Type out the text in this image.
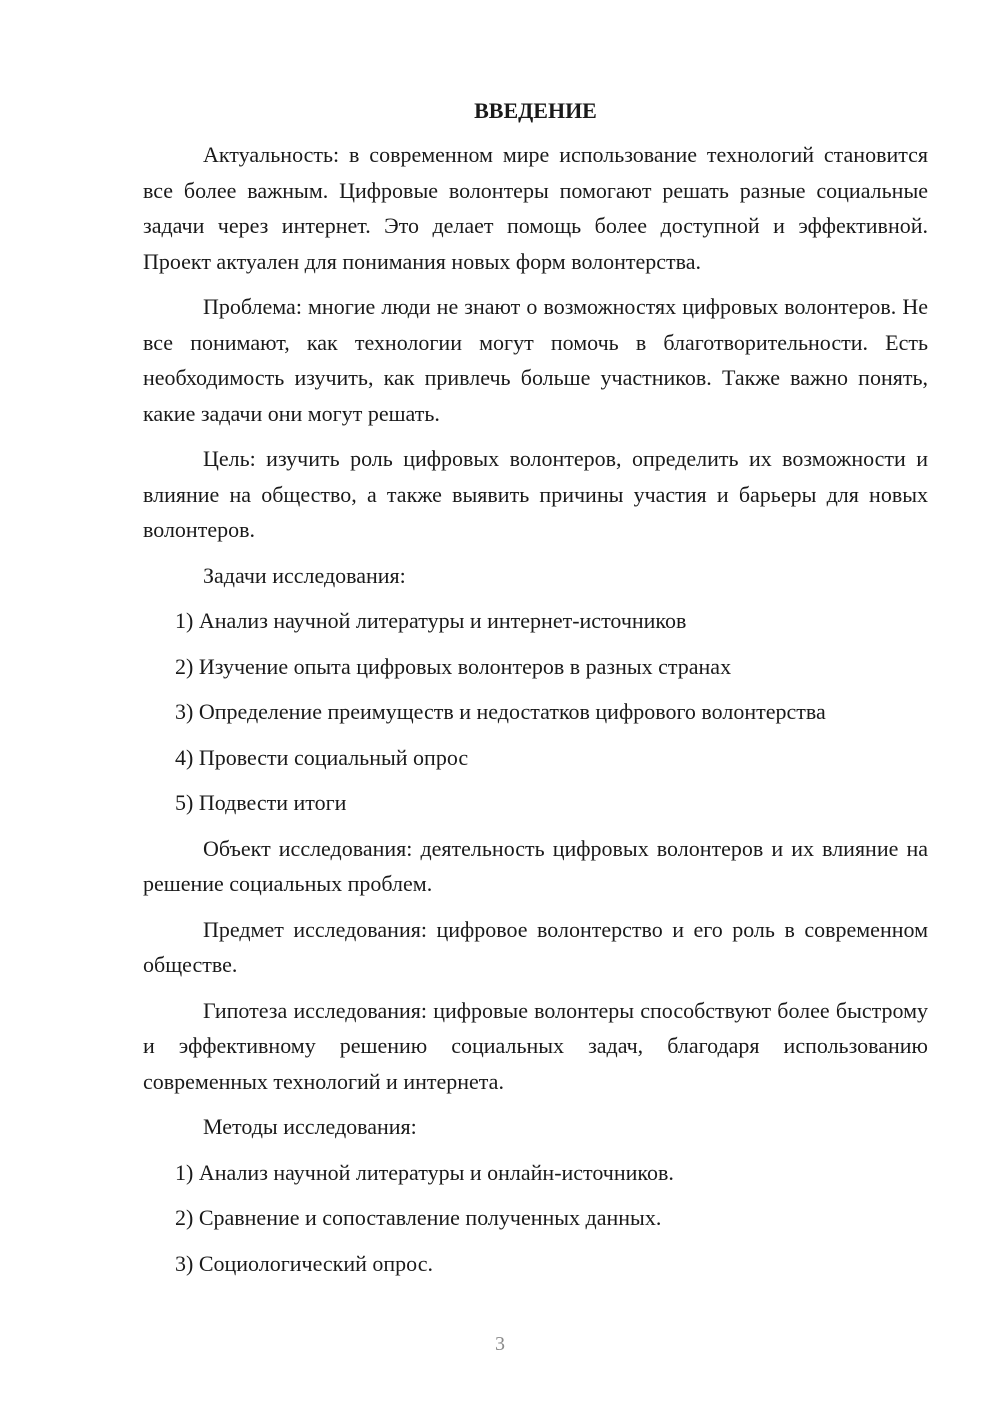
ВВЕДЕНИЕ

Актуальность: в современном мире использование технологий становится все более важным. Цифровые волонтеры помогают решать разные социальные задачи через интернет. Это делает помощь более доступной и эффективной. Проект актуален для понимания новых форм волонтерства.

Проблема: многие люди не знают о возможностях цифровых волонтеров. Не все понимают, как технологии могут помочь в благотворительности. Есть необходимость изучить, как привлечь больше участников. Также важно понять, какие задачи они могут решать.

Цель: изучить роль цифровых волонтеров, определить их возможности и влияние на общество, а также выявить причины участия и барьеры для новых волонтеров.

Задачи исследования:

1) Анализ научной литературы и интернет-источников

2) Изучение опыта цифровых волонтеров в разных странах

3) Определение преимуществ и недостатков цифрового волонтерства

4) Провести социальный опрос

5) Подвести итоги

Объект исследования: деятельность цифровых волонтеров и их влияние на решение социальных проблем.

Предмет исследования: цифровое волонтерство и его роль в современном обществе.

Гипотеза исследования: цифровые волонтеры способствуют более быстрому и эффективному решению социальных задач, благодаря использованию современных технологий и интернета.

Методы исследования:

1) Анализ научной литературы и онлайн-источников.

2) Сравнение и сопоставление полученных данных.

3) Социологический опрос.

3
